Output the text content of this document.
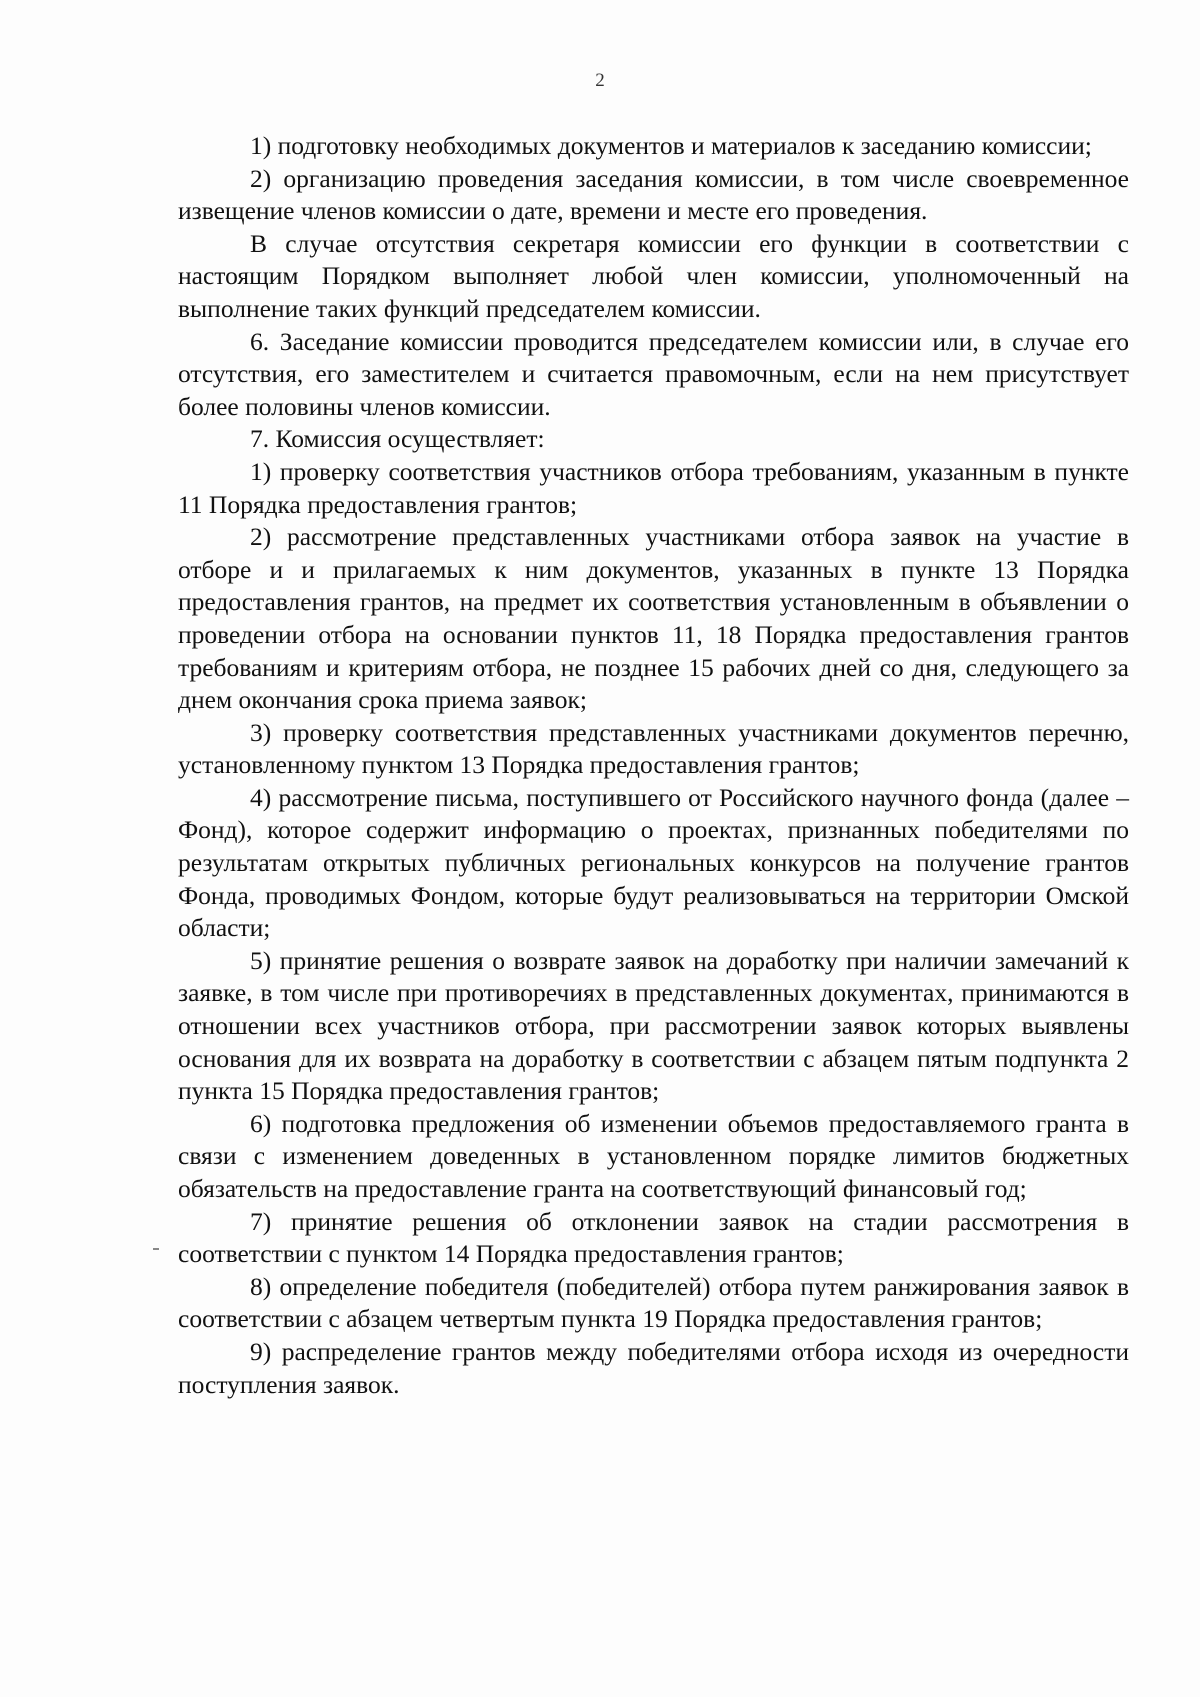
2

1) подготовку необходимых документов и материалов к заседанию комиссии;

2) организацию проведения заседания комиссии, в том числе своевременное извещение членов комиссии о дате, времени и месте его проведения.

В случае отсутствия секретаря комиссии его функции в соответствии с настоящим Порядком выполняет любой член комиссии, уполномоченный на выполнение таких функций председателем комиссии.

6. Заседание комиссии проводится председателем комиссии или, в случае его отсутствия, его заместителем и считается правомочным, если на нем присутствует более половины членов комиссии.

7. Комиссия осуществляет:

1) проверку соответствия участников отбора требованиям, указанным в пункте 11 Порядка предоставления грантов;

2) рассмотрение представленных участниками отбора заявок на участие в отборе и и прилагаемых к ним документов, указанных в пункте 13 Порядка предоставления грантов, на предмет их соответствия установленным в объявлении о проведении отбора на основании пунктов 11, 18 Порядка предоставления грантов требованиям и критериям отбора, не позднее 15 рабочих дней со дня, следующего за днем окончания срока приема заявок;

3) проверку соответствия представленных участниками документов перечню, установленному пунктом 13 Порядка предоставления грантов;

4) рассмотрение письма, поступившего от Российского научного фонда (далее – Фонд), которое содержит информацию о проектах, признанных победителями по результатам открытых публичных региональных конкурсов на получение грантов Фонда, проводимых Фондом, которые будут реализовываться на территории Омской области;

5) принятие решения о возврате заявок на доработку при наличии замечаний к заявке, в том числе при противоречиях в представленных документах, принимаются в отношении всех участников отбора, при рассмотрении заявок которых выявлены основания для их возврата на доработку в соответствии с абзацем пятым подпункта 2 пункта 15 Порядка предоставления грантов;

6) подготовка предложения об изменении объемов предоставляемого гранта в связи с изменением доведенных в установленном порядке лимитов бюджетных обязательств на предоставление гранта на соответствующий финансовый год;

7) принятие решения об отклонении заявок на стадии рассмотрения в соответствии с пунктом 14 Порядка предоставления грантов;

8) определение победителя (победителей) отбора путем ранжирования заявок в соответствии с абзацем четвертым пункта 19 Порядка предоставления грантов;

9) распределение грантов между победителями отбора исходя из очередности поступления заявок.
